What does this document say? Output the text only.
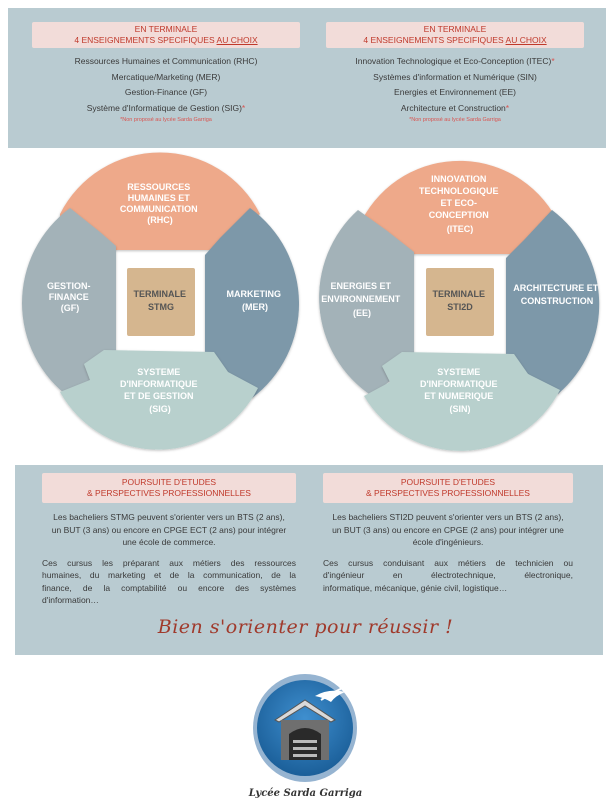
EN TERMINALE
4 ENSEIGNEMENTS SPECIFIQUES AU CHOIX
Ressources Humaines et Communication (RHC)
Mercatique/Marketing (MER)
Gestion-Finance (GF)
Système d'Informatique de Gestion (SIG)*
*Non proposé au lycée Sarda Garriga
EN TERMINALE
4 ENSEIGNEMENTS SPECIFIQUES AU CHOIX
Innovation Technologique et Eco-Conception (ITEC)*
Systèmes d'information et Numérique (SIN)
Energies et Environnement (EE)
Architecture et Construction*
*Non proposé au lycée Sarda Garriga
RESSOURCES HUMAINES ET COMMUNICATION (RHC)
GESTION- FINANCE (GF)
MARKETING (MER)
SYSTEME D'INFORMATIQUE ET DE GESTION (SIG)
TERMINALE STMG
TERMINALE STI2D
INNOVATION TECHNOLOGIQUE ET ECO- CONCEPTION (ITEC)
ENERGIES ET ENVIRONNEMENT (EE)
ARCHITECTURE ET CONSTRUCTION
SYSTEME D'INFORMATIQUE ET NUMERIQUE (SIN)
POURSUITE D'ETUDES
& PERSPECTIVES PROFESSIONNELLES
Les bacheliers STMG peuvent s'orienter vers un BTS (2 ans),
un BUT (3 ans) ou encore en CPGE ECT (2 ans) pour intégrer
une école de commerce.
Ces cursus les préparant aux métiers des ressources
humaines, du marketing et de la communication, de la
finance, de la comptabilité ou encore des systèmes
d'information…
POURSUITE D'ETUDES
& PERSPECTIVES PROFESSIONNELLES
Les bacheliers STI2D peuvent s'orienter vers un BTS (2 ans),
un BUT (3 ans) ou encore en CPGE (2 ans) pour intégrer une
école d'ingénieurs.
Ces cursus conduisant aux métiers de technicien ou
d'ingénieur en électrotechnique, électronique,
informatique, mécanique, génie civil, logistique…
Bien s'orienter pour réussir !
Lycée Sarda Garriga
